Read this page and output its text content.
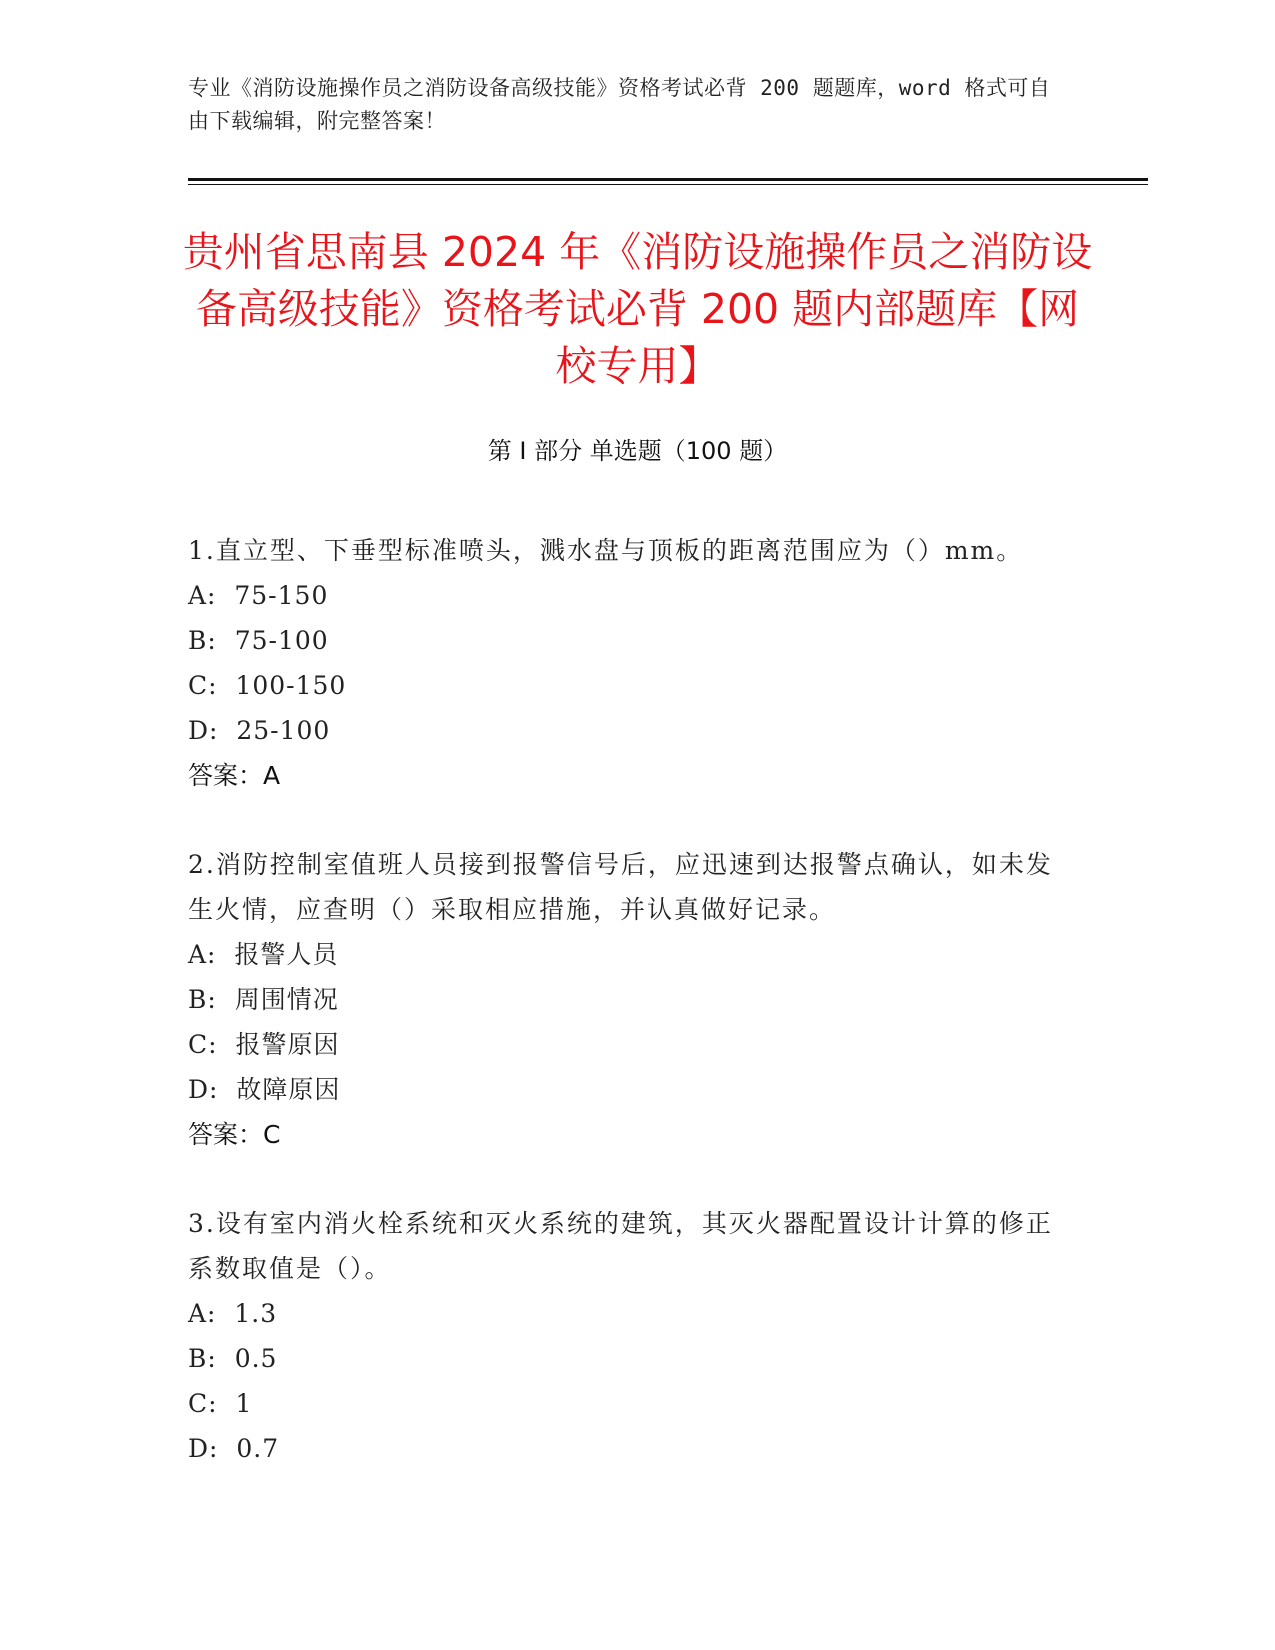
专业《消防设施操作员之消防设备高级技能》资格考试必背 200 题题库，word 格式可自由下载编辑，附完整答案！
贵州省思南县 2024 年《消防设施操作员之消防设备高级技能》资格考试必背 200 题内部题库【网校专用】
第 I 部分 单选题（100 题）

1.直立型、下垂型标准喷头，溅水盘与顶板的距离范围应为（）mm。

A:  75-150

B:  75-100

C:  100-150

D:  25-100

答案：A

2.消防控制室值班人员接到报警信号后，应迅速到达报警点确认，如未发生火情，应查明（）采取相应措施，并认真做好记录。

A:  报警人员

B:  周围情况

C:  报警原因

D:  故障原因

答案：C

3.设有室内消火栓系统和灭火系统的建筑，其灭火器配置设计计算的修正系数取值是（）。

A:  1.3

B:  0.5

C:  1

D:  0.7
